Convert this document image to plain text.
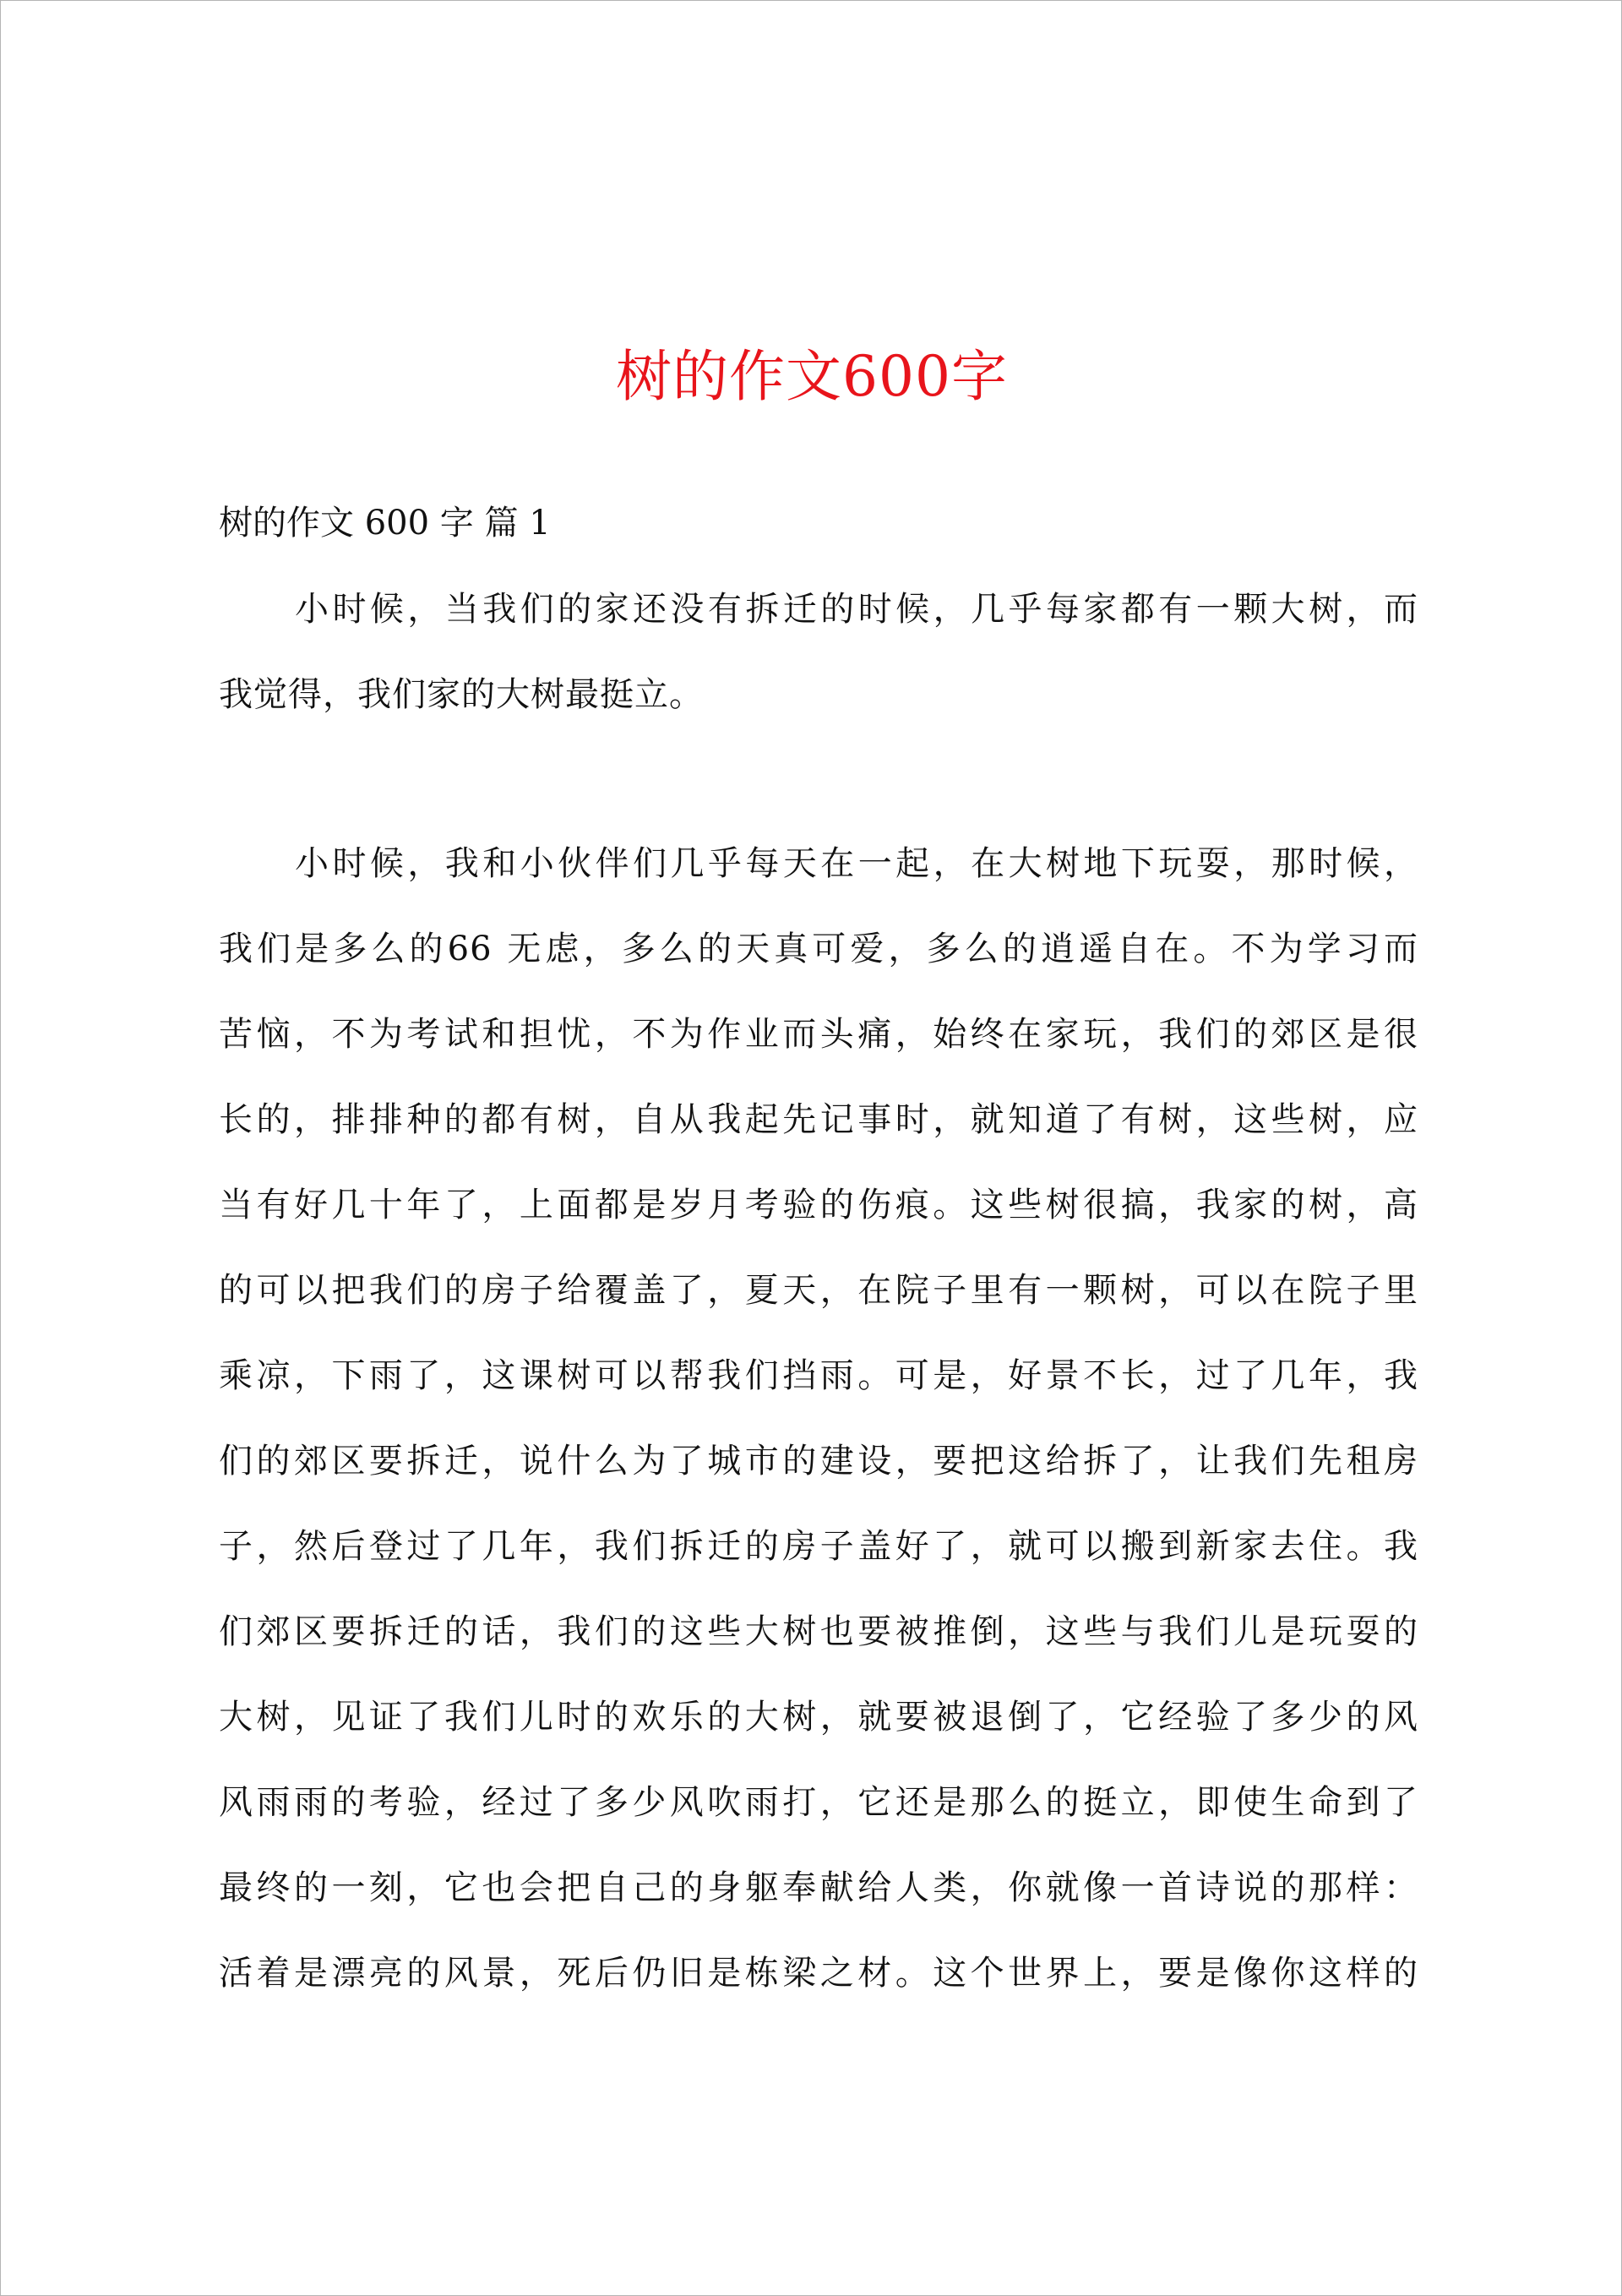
树的作文600字

树的作文 600 字 篇 1

小时候，当我们的家还没有拆迁的时候，几乎每家都有一颗大树，而
我觉得，我们家的大树最挺立。
小时候，我和小伙伴们几乎每天在一起，在大树地下玩耍，那时候，
我们是多么的66 无虑，多么的天真可爱，多么的逍遥自在。不为学习而
苦恼，不为考试和担忧，不为作业而头痛，始终在家玩，我们的郊区是很
长的，排排种的都有树，自从我起先记事时，就知道了有树，这些树，应
当有好几十年了，上面都是岁月考验的伤痕。这些树很搞，我家的树，高
的可以把我们的房子给覆盖了，夏天，在院子里有一颗树，可以在院子里
乘凉，下雨了，这课树可以帮我们挡雨。可是，好景不长，过了几年，我
们的郊区要拆迁，说什么为了城市的建设，要把这给拆了，让我们先租房
子，然后登过了几年，我们拆迁的房子盖好了，就可以搬到新家去住。我
们郊区要拆迁的话，我们的这些大树也要被推倒，这些与我们儿是玩耍的
大树，见证了我们儿时的欢乐的大树，就要被退倒了，它经验了多少的风
风雨雨的考验，经过了多少风吹雨打，它还是那么的挺立，即使生命到了
最终的一刻，它也会把自己的身躯奉献给人类，你就像一首诗说的那样：
活着是漂亮的风景，死后仍旧是栋梁之材。这个世界上，要是像你这样的
